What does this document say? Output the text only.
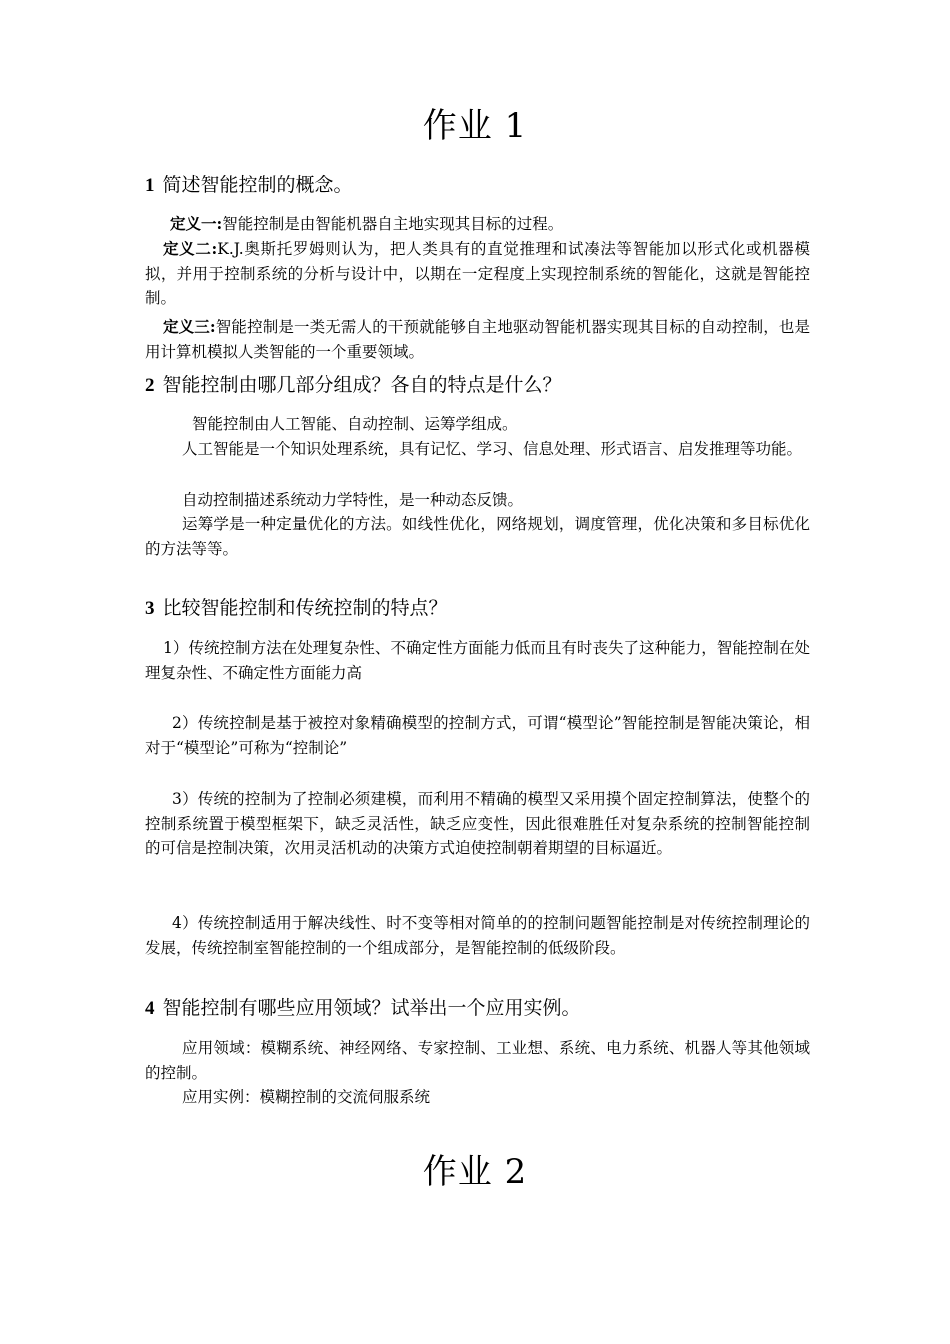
作业 1
1 简述智能控制的概念。
定义一:智能控制是由智能机器自主地实现其目标的过程。
定义二:K.J.奥斯托罗姆则认为，把人类具有的直觉推理和试凑法等智能加以形式化或机器模拟，并用于控制系统的分析与设计中，以期在一定程度上实现控制系统的智能化，这就是智能控制。
定义三:智能控制是一类无需人的干预就能够自主地驱动智能机器实现其目标的自动控制，也是用计算机模拟人类智能的一个重要领域。
2 智能控制由哪几部分组成？各自的特点是什么？
智能控制由人工智能、自动控制、运筹学组成。
人工智能是一个知识处理系统，具有记忆、学习、信息处理、形式语言、启发推理等功能。
自动控制描述系统动力学特性，是一种动态反馈。
运筹学是一种定量优化的方法。如线性优化，网络规划，调度管理，优化决策和多目标优化的方法等等。
3 比较智能控制和传统控制的特点？
1）传统控制方法在处理复杂性、不确定性方面能力低而且有时丧失了这种能力，智能控制在处理复杂性、不确定性方面能力高
2）传统控制是基于被控对象精确模型的控制方式，可谓“模型论”智能控制是智能决策论，相对于“模型论”可称为“控制论”
3）传统的控制为了控制必须建模，而利用不精确的模型又采用摸个固定控制算法，使整个的控制系统置于模型框架下，缺乏灵活性，缺乏应变性，因此很难胜任对复杂系统的控制智能控制的可信是控制决策，次用灵活机动的决策方式迫使控制朝着期望的目标逼近。
4）传统控制适用于解决线性、时不变等相对简单的的控制问题智能控制是对传统控制理论的发展，传统控制室智能控制的一个组成部分，是智能控制的低级阶段。
4 智能控制有哪些应用领域？试举出一个应用实例。
应用领域：模糊系统、神经网络、专家控制、工业想、系统、电力系统、机器人等其他领域的控制。
应用实例：模糊控制的交流伺服系统
作业 2
